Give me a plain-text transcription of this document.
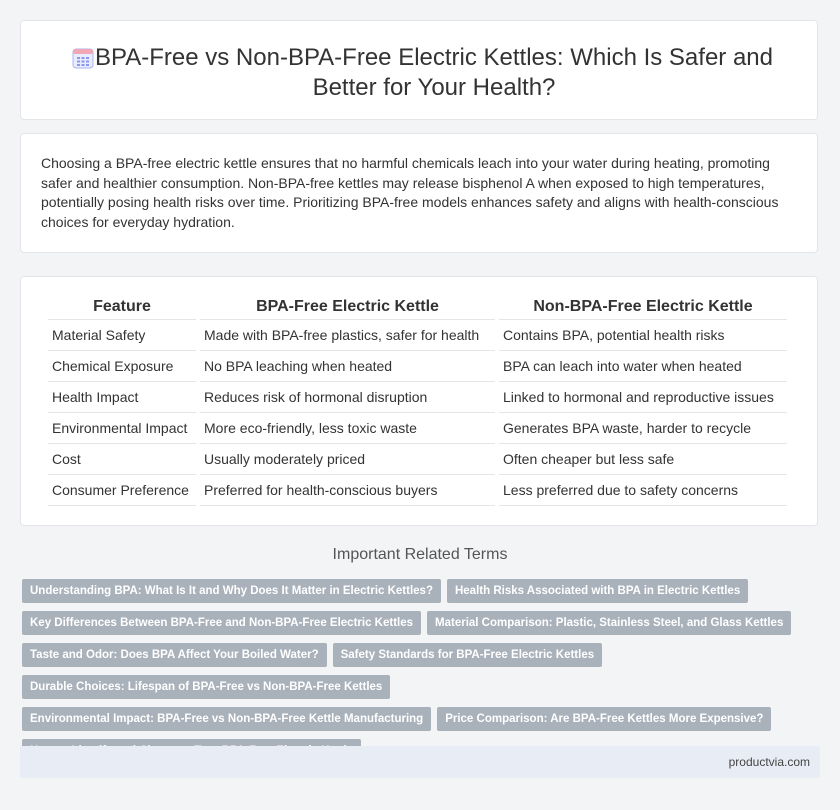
BPA-Free vs Non-BPA-Free Electric Kettles: Which Is Safer and Better for Your Health?

Choosing a BPA-free electric kettle ensures that no harmful chemicals leach into your water during heating, promoting safer and healthier consumption. Non-BPA-free kettles may release bisphenol A when exposed to high temperatures, potentially posing health risks over time. Prioritizing BPA-free models enhances safety and aligns with health-conscious choices for everyday hydration.

Feature	BPA-Free Electric Kettle	Non-BPA-Free Electric Kettle
Material Safety	Made with BPA-free plastics, safer for health	Contains BPA, potential health risks
Chemical Exposure	No BPA leaching when heated	BPA can leach into water when heated
Health Impact	Reduces risk of hormonal disruption	Linked to hormonal and reproductive issues
Environmental Impact	More eco-friendly, less toxic waste	Generates BPA waste, harder to recycle
Cost	Usually moderately priced	Often cheaper but less safe
Consumer Preference	Preferred for health-conscious buyers	Less preferred due to safety concerns
Important Related Terms
Understanding BPA: What Is It and Why Does It Matter in Electric Kettles?	Health Risks Associated with BPA in Electric Kettles
Key Differences Between BPA-Free and Non-BPA-Free Electric Kettles	Material Comparison: Plastic, Stainless Steel, and Glass Kettles
Taste and Odor: Does BPA Affect Your Boiled Water?	Safety Standards for BPA-Free Electric Kettles
Durable Choices: Lifespan of BPA-Free vs Non-BPA-Free Kettles
Environmental Impact: BPA-Free vs Non-BPA-Free Kettle Manufacturing	Price Comparison: Are BPA-Free Kettles More Expensive?
productvia.com
